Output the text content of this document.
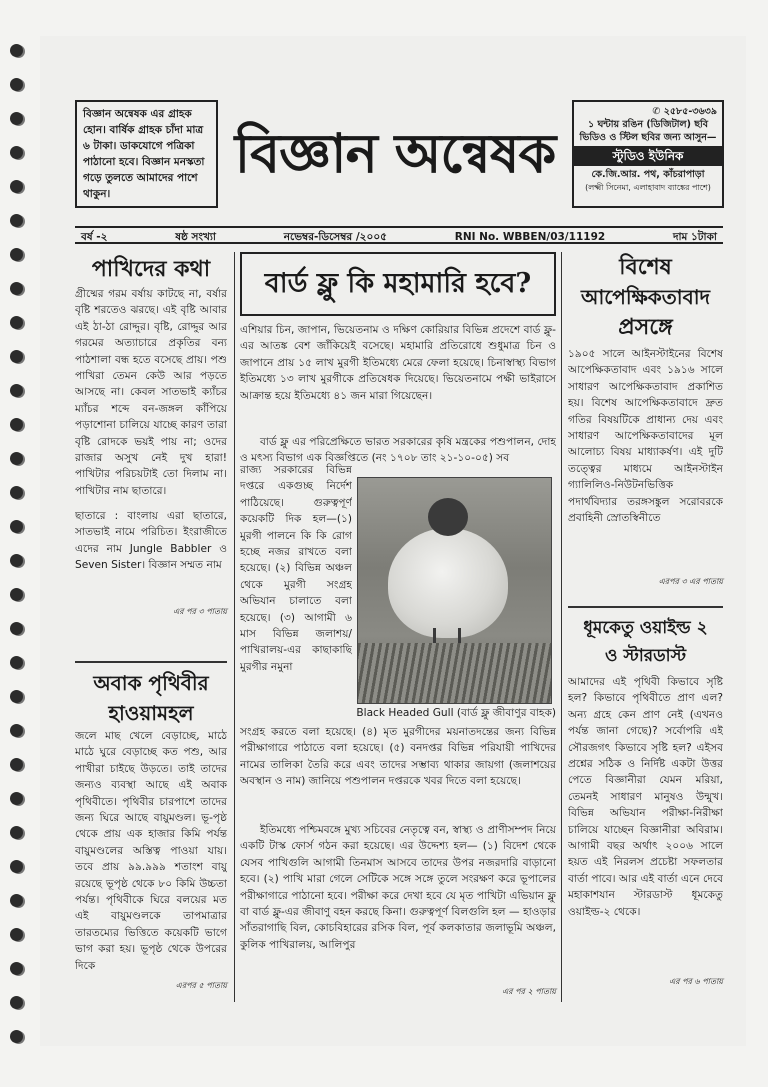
বিজ্ঞান অন্বেষক এর গ্রাহক হোন। বার্ষিক গ্রাহক চাঁদা মাত্র ৬ টাকা। ডাকযোগে পত্রিকা পাঠানো হবে। বিজ্ঞান মনস্কতা গড়ে তুলতে আমাদের পাশে থাকুন।
বিজ্ঞান অন্বেষক
✆ ২৫৮৫-৩৬৩৯
১ ঘন্টায় রঙিন (ডিজিটাল) ছবি
ভিডিও ও স্টিল ছবির জন্য আসুন—
স্টুডিও ইউনিক
কে.জি.আর. পথ, কাঁচরাপাড়া
(লক্ষ্মী সিনেমা, এলাহাবাদ ব্যাঙ্কের পাশে)
বর্ষ -২	ষষ্ঠ সংখ্যা	নভেম্বর-ডিসেম্বর /২০০৫	RNI No. WBBEN/03/11192	দাম ১টাকা
পাখিদের কথা
গ্রীষ্মের গরম বর্ষায় কাটছে না, বর্ষার বৃষ্টি শরতেও ঝরছে। এই বৃষ্টি আবার এই ঠা-ঠা রোদ্দুর। বৃষ্টি, রোদ্দুর আর গরমের অত্যাচারে প্রকৃতির বন্য পাঠশালা বন্ধ হতে বসেছে প্রায়। পশু পাখিরা তেমন কেউ আর পড়তে আসছে না। কেবল সাতভাই ক্যাঁচর ম্যাঁচর শব্দে বন-জঙ্গল কাঁপিয়ে পড়াশোনা চালিয়ে যাচ্ছে কারণ তারা বৃষ্টি রোদকে ভয়ই পায় না; ওদের রাজার অসুখ নেই দুখ হারা! পাখিটার পরিচয়টাই তো দিলাম না। পাখিটার নাম ছাতারে।
ছাতারে : বাংলায় এরা ছাতারে, সাতভাই নামে পরিচিত। ইংরাজীতে এদের নাম Jungle Babbler ও Seven Sister। বিজ্ঞান সম্মত নাম
এর পর ৩ পাতায়
অবাক পৃথিবীর হাওয়ামহল
জলে মাছ খেলে বেড়াচ্ছে, মাঠে মাঠে ঘুরে বেড়াচ্ছে কত পশু, আর পাখীরা চাইছে উড়তে। তাই তাদের জন্যও ব্যবস্থা আছে এই অবাক পৃথিবীতে। পৃথিবীর চারপাশে তাদের জন্য ঘিরে আছে বায়ুমণ্ডল। ভূ-পৃষ্ঠ থেকে প্রায় এক হাজার কিমি পর্যন্ত বায়ুমণ্ডলের অস্তিত্ব পাওয়া যায়। তবে প্রায় ৯৯.৯৯৯ শতাংশ বায়ু রয়েছে ভূপৃষ্ঠ থেকে ৮০ কিমি উচ্চতা পর্যন্ত। পৃথিবীকে ঘিরে বলয়ের মত এই বায়ুমণ্ডলকে তাপমাত্রার তারতম্যের ভিত্তিতে কয়েকটি ভাগে ভাগ করা হয়। ভূপৃষ্ঠ থেকে উপরের দিকে
এরপর ৫ পাতায়
বার্ড ফ্লু কি মহামারি হবে?
এশিয়ার চিন, জাপান, ভিয়েতনাম ও দক্ষিণ কোরিয়ার বিভিন্ন প্রদেশে বার্ড ফ্লু-এর আতঙ্ক বেশ জাঁকিয়েই বসেছে। মহামারি প্রতিরোধে শুধুমাত্র চিন ও জাপানে প্রায় ১৫ লাখ মুরগী ইতিমধ্যে মেরে ফেলা হয়েছে। চিনাস্বাস্থ্য বিভাগ ইতিমধ্যে ১৩ লাখ মুরগীকে প্রতিষেধক দিয়েছে। ভিয়েতনামে পক্ষী ভাইরাসে আক্রান্ত হয়ে ইতিমধ্যে ৪১ জন মারা গিয়েছেন।
বার্ড ফ্লু এর পরিপ্রেক্ষিতে ভারত সরকারের কৃষি মন্ত্রকের পশুপালন, দোহ ও মৎস্য বিভাগ এক বিজ্ঞপ্তিতে (নং ১৭০৮ তাং ২১-১০-০৫) সব
রাজ্য সরকারের বিভিন্ন দপ্তরে একগুচ্ছ নির্দেশ পাঠিয়েছে। গুরুত্বপূর্ণ কয়েকটি দিক হল—(১) মুরগী পালনে কি কি রোগ হচ্ছে নজর রাখতে বলা হয়েছে। (২) বিভিন্ন অঞ্চল থেকে মুরগী সংগ্রহ অভিযান চালাতে বলা হয়েছে। (৩) আগামী ৬ মাস বিভিন্ন জলাশয়/পাখিরালয়-এর কাছাকাছি মুরগীর নমুনা
Black Headed Gull (বার্ড ফ্লু জীবাণুর বাহক)
সংগ্রহ করতে বলা হয়েছে। (৪) মৃত মুরগীদের ময়নাতদন্তের জন্য বিভিন্ন পরীক্ষাগারে পাঠাতে বলা হয়েছে। (৫) বনদপ্তর বিভিন্ন পরিযায়ী পাখিদের নামের তালিকা তৈরি করে এবং তাদের সম্ভাব্য থাকার জায়গা (জলাশয়ের অবস্থান ও নাম) জানিয়ে পশুপালন দপ্তরকে খবর দিতে বলা হয়েছে।
ইতিমধ্যে পশ্চিমবঙ্গে মুখ্য সচিবের নেতৃত্বে বন, স্বাস্থ্য ও প্রাণীসম্পদ নিয়ে একটি টাস্ক ফোর্স গঠন করা হয়েছে। এর উদ্দেশ্য হল— (১) বিদেশ থেকে যেসব পাখিগুলি আগামী তিনমাস আসবে তাদের উপর নজরদারি বাড়ানো হবে। (২) পাখি মারা গেলে সেটিকে সঙ্গে সঙ্গে তুলে সংরক্ষণ করে ভূপালের পরীক্ষাগারে পাঠানো হবে। পরীক্ষা করে দেখা হবে যে মৃত পাখিটা এভিয়ান ফ্লু বা বার্ড ফ্লু-এর জীবাণু বহন করছে কিনা। গুরুত্বপূর্ণ বিলগুলি হল — হাওড়ার সাঁতরাগাছি বিল, কোচবিহারের রসিক বিল, পূর্ব কলকাতার জলাভূমি অঞ্চল, কুলিক পাখিরালয়, আলিপুর
এর পর ২ পাতায়
বিশেষ
আপেক্ষিকতাবাদ
প্রসঙ্গে
১৯০৫ সালে আইনস্টাইনের বিশেষ আপেক্ষিকতাবাদ এবং ১৯১৬ সালে সাধারণ আপেক্ষিকতাবাদ প্রকাশিত হয়। বিশেষ আপেক্ষিকতাবাদে দ্রুত গতির বিষয়টিকে প্রাধান্য দেয় এবং সাধারণ আপেক্ষিকতাবাদের মূল আলোচ্য বিষয় মাধ্যাকর্ষণ। এই দুটি তত্ত্বের মাধ্যমে আইনস্টাইন গ্যালিলিও-নিউটনভিত্তিক পদার্থবিদ্যার তরঙ্গসঙ্কুল সরোবরকে প্রবাহিনী স্রোতস্বিনীতে
এরপর ৩ এর পাতায়
ধূমকেতু ওয়াইল্ড ২
ও স্টারডাস্ট
আমাদের এই পৃথিবী কিভাবে সৃষ্টি হল? কিভাবে পৃথিবীতে প্রাণ এল? অন্য গ্রহে কেন প্রাণ নেই (এখনও পর্যন্ত জানা গেছে)? সর্বোপরি এই সৌরজগৎ কিভাবে সৃষ্টি হল? এইসব প্রশ্নের সঠিক ও নির্দিষ্ট একটা উত্তর পেতে বিজ্ঞানীরা যেমন মরিয়া, তেমনই সাধারণ মানুষও উন্মুখ। বিভিন্ন অভিযান পরীক্ষা-নিরীক্ষা চালিয়ে যাচ্ছেন বিজ্ঞানীরা অবিরাম। আগামী বছর অর্থাৎ ২০০৬ সালে হয়ত এই নিরলস প্রচেষ্টা সফলতার বার্তা পাবে। আর এই বার্তা এনে দেবে মহাকাশযান স্টারডাস্ট ধূমকেতু ওয়াইল্ড-২ থেকে।
এর পর ৬ পাতায়
